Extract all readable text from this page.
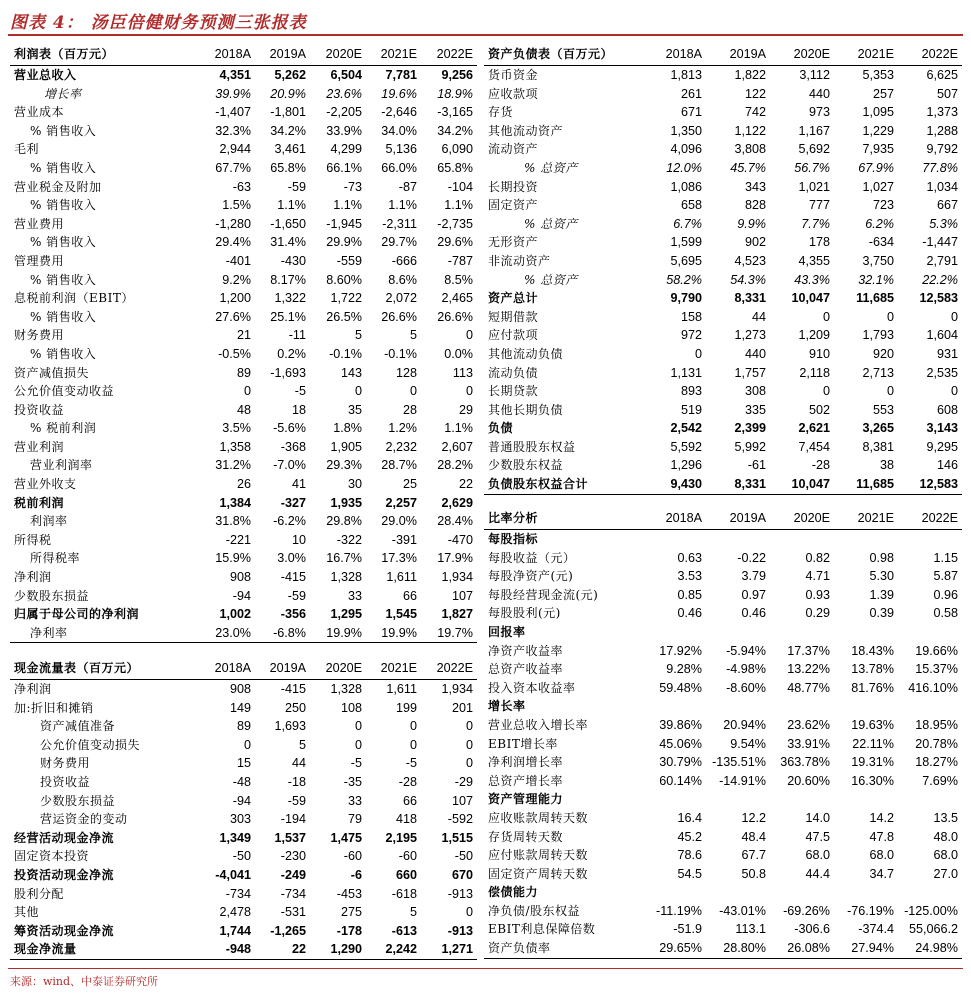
图表 4： 汤臣倍健财务预测三张报表
利润表（百万元）	2018A	2019A	2020E	2021E	2022E
营业总收入	4,351	5,262	6,504	7,781	9,256
增长率	39.9%	20.9%	23.6%	19.6%	18.9%
营业成本	-1,407	-1,801	-2,205	-2,646	-3,165
% 销售收入	32.3%	34.2%	33.9%	34.0%	34.2%
毛利	2,944	3,461	4,299	5,136	6,090
% 销售收入	67.7%	65.8%	66.1%	66.0%	65.8%
营业税金及附加	-63	-59	-73	-87	-104
% 销售收入	1.5%	1.1%	1.1%	1.1%	1.1%
营业费用	-1,280	-1,650	-1,945	-2,311	-2,735
% 销售收入	29.4%	31.4%	29.9%	29.7%	29.6%
管理费用	-401	-430	-559	-666	-787
% 销售收入	9.2%	8.17%	8.60%	8.6%	8.5%
息税前利润（EBIT）	1,200	1,322	1,722	2,072	2,465
% 销售收入	27.6%	25.1%	26.5%	26.6%	26.6%
财务费用	21	-11	5	5	0
% 销售收入	-0.5%	0.2%	-0.1%	-0.1%	0.0%
资产减值损失	89	-1,693	143	128	113
公允价值变动收益	0	-5	0	0	0
投资收益	48	18	35	28	29
% 税前利润	3.5%	-5.6%	1.8%	1.2%	1.1%
营业利润	1,358	-368	1,905	2,232	2,607
营业利润率	31.2%	-7.0%	29.3%	28.7%	28.2%
营业外收支	26	41	30	25	22
税前利润	1,384	-327	1,935	2,257	2,629
利润率	31.8%	-6.2%	29.8%	29.0%	28.4%
所得税	-221	10	-322	-391	-470
所得税率	15.9%	3.0%	16.7%	17.3%	17.9%
净利润	908	-415	1,328	1,611	1,934
少数股东损益	-94	-59	33	66	107
归属于母公司的净利润	1,002	-356	1,295	1,545	1,827
净利率	23.0%	-6.8%	19.9%	19.9%	19.7%
现金流量表（百万元）	2018A	2019A	2020E	2021E	2022E
净利润	908	-415	1,328	1,611	1,934
加:折旧和摊销	149	250	108	199	201
资产减值准备	89	1,693	0	0	0
公允价值变动损失	0	5	0	0	0
财务费用	15	44	-5	-5	0
投资收益	-48	-18	-35	-28	-29
少数股东损益	-94	-59	33	66	107
营运资金的变动	303	-194	79	418	-592
经营活动现金净流	1,349	1,537	1,475	2,195	1,515
固定资本投资	-50	-230	-60	-60	-50
投资活动现金净流	-4,041	-249	-6	660	670
股利分配	-734	-734	-453	-618	-913
其他	2,478	-531	275	5	0
筹资活动现金净流	1,744	-1,265	-178	-613	-913
现金净流量	-948	22	1,290	2,242	1,271
资产负债表（百万元）	2018A	2019A	2020E	2021E	2022E
货币资金	1,813	1,822	3,112	5,353	6,625
应收款项	261	122	440	257	507
存货	671	742	973	1,095	1,373
其他流动资产	1,350	1,122	1,167	1,229	1,288
流动资产	4,096	3,808	5,692	7,935	9,792
% 总资产	12.0%	45.7%	56.7%	67.9%	77.8%
长期投资	1,086	343	1,021	1,027	1,034
固定资产	658	828	777	723	667
% 总资产	6.7%	9.9%	7.7%	6.2%	5.3%
无形资产	1,599	902	178	-634	-1,447
非流动资产	5,695	4,523	4,355	3,750	2,791
% 总资产	58.2%	54.3%	43.3%	32.1%	22.2%
资产总计	9,790	8,331	10,047	11,685	12,583
短期借款	158	44	0	0	0
应付款项	972	1,273	1,209	1,793	1,604
其他流动负债	0	440	910	920	931
流动负债	1,131	1,757	2,118	2,713	2,535
长期贷款	893	308	0	0	0
其他长期负债	519	335	502	553	608
负债	2,542	2,399	2,621	3,265	3,143
普通股股东权益	5,592	5,992	7,454	8,381	9,295
少数股东权益	1,296	-61	-28	38	146
负债股东权益合计	9,430	8,331	10,047	11,685	12,583
比率分析	2018A	2019A	2020E	2021E	2022E
每股指标					
每股收益（元）	0.63	-0.22	0.82	0.98	1.15
每股净资产(元)	3.53	3.79	4.71	5.30	5.87
每股经营现金流(元)	0.85	0.97	0.93	1.39	0.96
每股股利(元)	0.46	0.46	0.29	0.39	0.58
回报率					
净资产收益率	17.92%	-5.94%	17.37%	18.43%	19.66%
总资产收益率	9.28%	-4.98%	13.22%	13.78%	15.37%
投入资本收益率	59.48%	-8.60%	48.77%	81.76%	416.10%
增长率					
营业总收入增长率	39.86%	20.94%	23.62%	19.63%	18.95%
EBIT增长率	45.06%	9.54%	33.91%	22.11%	20.78%
净利润增长率	30.79%	-135.51%	363.78%	19.31%	18.27%
总资产增长率	60.14%	-14.91%	20.60%	16.30%	7.69%
资产管理能力					
应收账款周转天数	16.4	12.2	14.0	14.2	13.5
存货周转天数	45.2	48.4	47.5	47.8	48.0
应付账款周转天数	78.6	67.7	68.0	68.0	68.0
固定资产周转天数	54.5	50.8	44.4	34.7	27.0
偿债能力					
净负债/股东权益	-11.19%	-43.01%	-69.26%	-76.19%	-125.00%
EBIT利息保障倍数	-51.9	113.1	-306.6	-374.4	55,066.2
资产负债率	29.65%	28.80%	26.08%	27.94%	24.98%
来源：wind、中泰证券研究所
